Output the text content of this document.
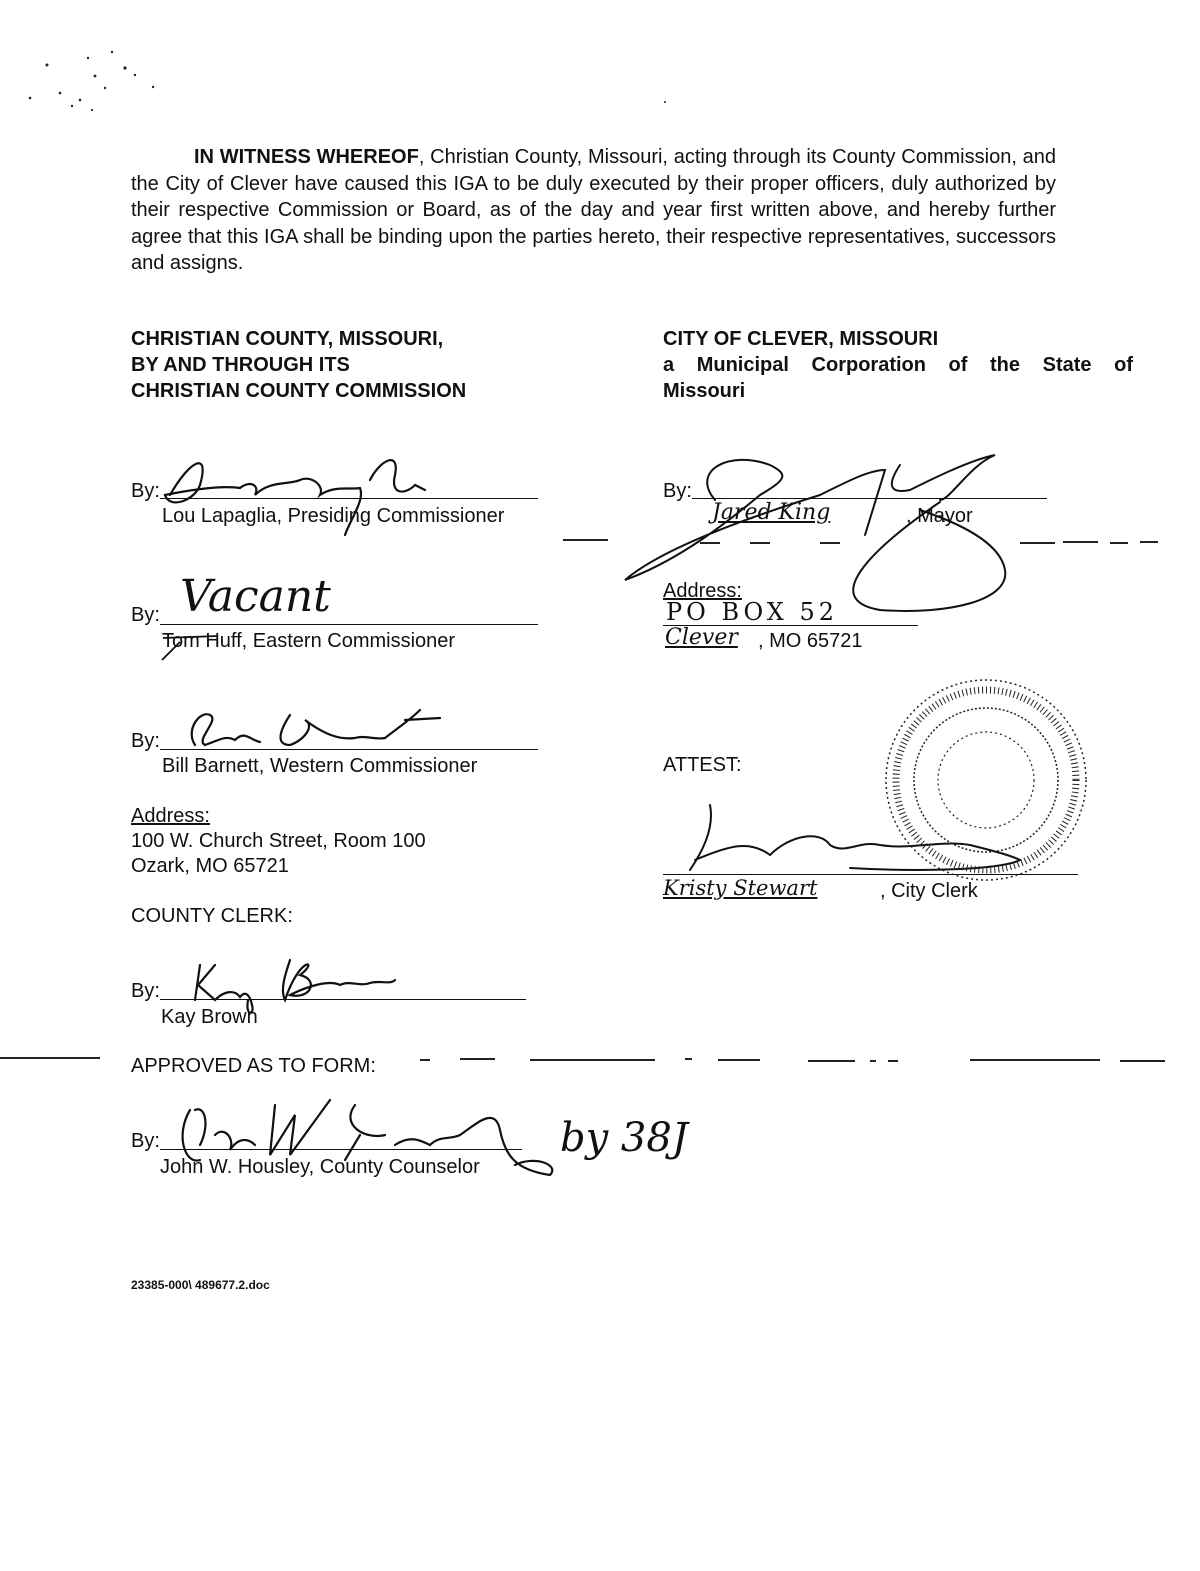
IN WITNESS WHEREOF, Christian County, Missouri, acting through its County Commission, and the City of Clever have caused this IGA to be duly executed by their proper officers, duly authorized by their respective Commission or Board, as of the day and year first written above, and hereby further agree that this IGA shall be binding upon the parties hereto, their respective representatives, successors and assigns.
CHRISTIAN COUNTY, MISSOURI,
BY AND THROUGH ITS
CHRISTIAN COUNTY COMMISSION
CITY OF CLEVER, MISSOURI
a Municipal Corporation of the State of
Missouri
By:
Lou Lapaglia, Presiding Commissioner
By:
Tom Huff, Eastern Commissioner
Vacant
By:
Bill Barnett, Western Commissioner
Address:
100 W. Church Street, Room 100
Ozark, MO 65721
COUNTY CLERK:
By:
Kay Brown
APPROVED AS TO FORM:
By:
John W. Housley, County Counselor
by 38J
By:
Jared King	, Mayor
Address:
PO BOX 52
Clever , MO 65721
ATTEST:
Kristy Stewart	, City Clerk
23385-000\ 489677.2.doc
